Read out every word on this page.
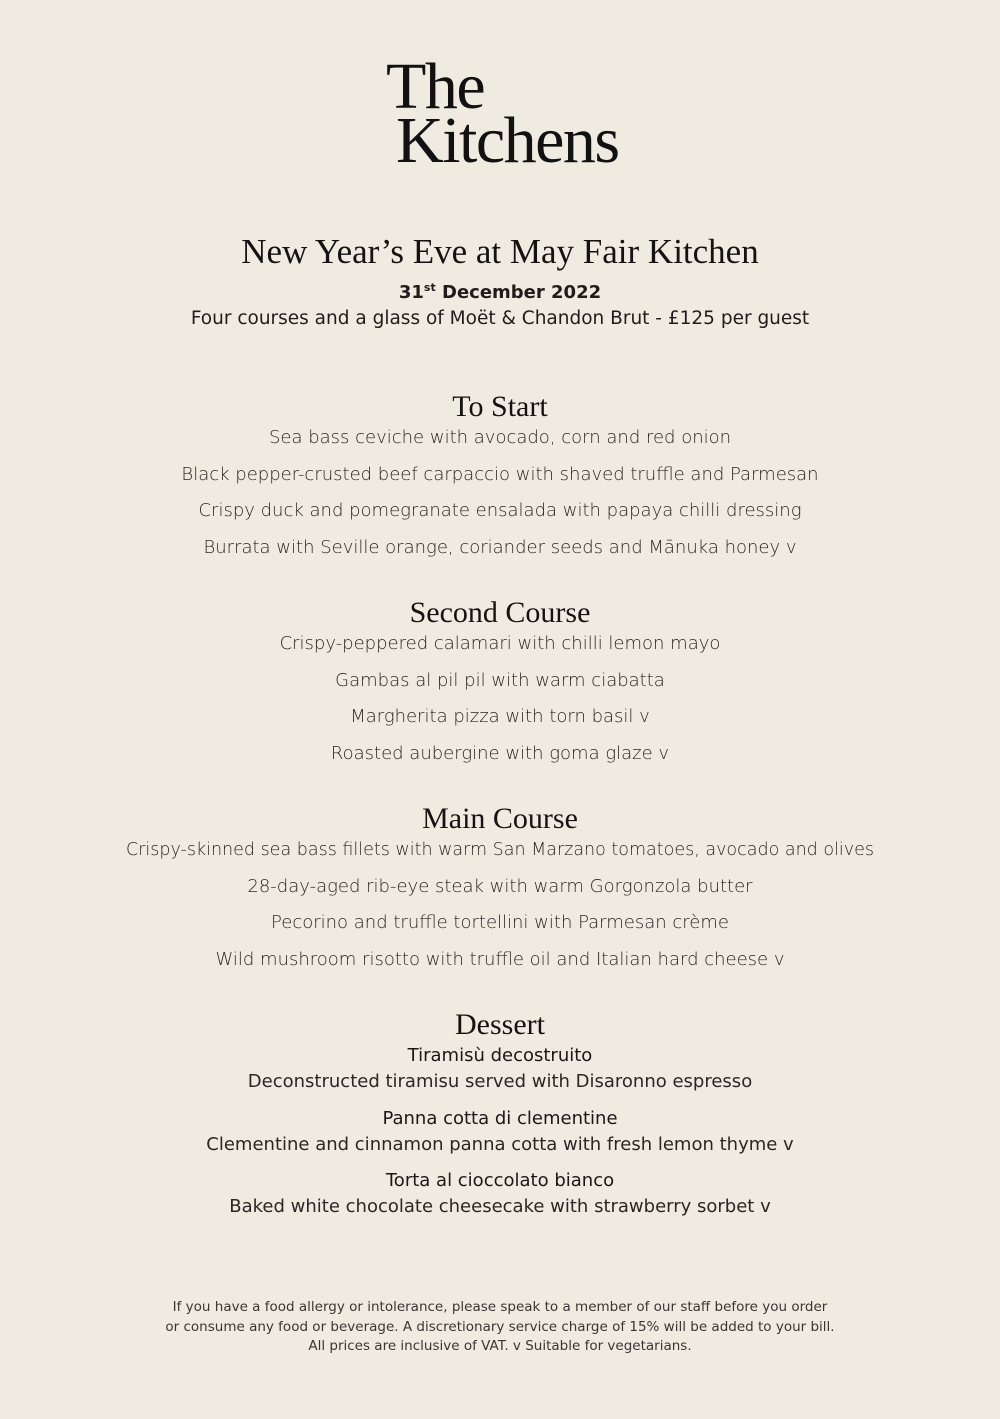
The
Kitchens
New Year’s Eve at May Fair Kitchen
31st December 2022
Four courses and a glass of Moët & Chandon Brut - £125 per guest
To Start
Sea bass ceviche with avocado, corn and red onion
Black pepper-crusted beef carpaccio with shaved truffle and Parmesan
Crispy duck and pomegranate ensalada with papaya chilli dressing
Burrata with Seville orange, coriander seeds and Mānuka honey v
Second Course
Crispy-peppered calamari with chilli lemon mayo
Gambas al pil pil with warm ciabatta
Margherita pizza with torn basil v
Roasted aubergine with goma glaze v
Main Course
Crispy-skinned sea bass fillets with warm San Marzano tomatoes, avocado and olives
28-day-aged rib-eye steak with warm Gorgonzola butter
Pecorino and truffle tortellini with Parmesan crème
Wild mushroom risotto with truffle oil and Italian hard cheese v
Dessert
Tiramisù decostruito
Deconstructed tiramisu served with Disaronno espresso
Panna cotta di clementine
Clementine and cinnamon panna cotta with fresh lemon thyme v
Torta al cioccolato bianco
Baked white chocolate cheesecake with strawberry sorbet v
If you have a food allergy or intolerance, please speak to a member of our staff before you order
or consume any food or beverage. A discretionary service charge of 15% will be added to your bill.
All prices are inclusive of VAT. v Suitable for vegetarians.
